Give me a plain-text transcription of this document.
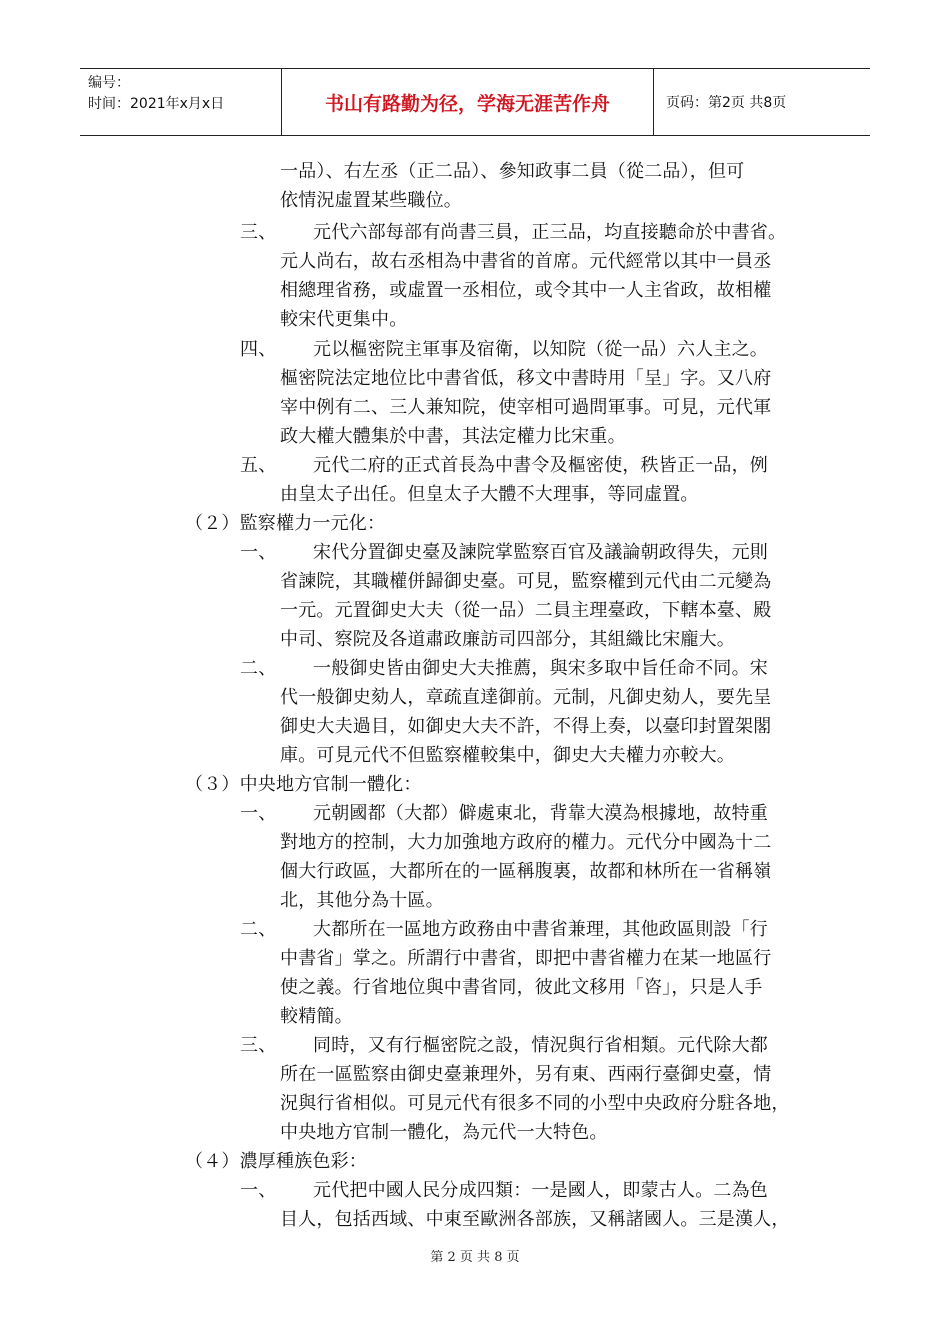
编号：
时间：2021年x月x日	书山有路勤为径，学海无涯苦作舟	页码：第2页 共8页
一品）、右左丞（正二品）、參知政事二員（從二品），但可
依情況虛置某些職位。
三、 元代六部每部有尚書三員，正三品，均直接聽命於中書省。
元人尚右，故右丞相為中書省的首席。元代經常以其中一員丞
相總理省務，或虛置一丞相位，或令其中一人主省政，故相權
較宋代更集中。
四、 元以樞密院主軍事及宿衛，以知院（從一品）六人主之。
樞密院法定地位比中書省低，移文中書時用「呈」字。又八府
宰中例有二、三人兼知院，使宰相可過問軍事。可見，元代軍
政大權大體集於中書，其法定權力比宋重。
五、 元代二府的正式首長為中書令及樞密使，秩皆正一品，例
由皇太子出任。但皇太子大體不大理事，等同虛置。
（２）監察權力一元化：
一、 宋代分置御史臺及諫院掌監察百官及議論朝政得失，元則
省諫院，其職權併歸御史臺。可見，監察權到元代由二元變為
一元。元置御史大夫（從一品）二員主理臺政，下轄本臺、殿
中司、察院及各道肅政廉訪司四部分，其組織比宋龐大。
二、 一般御史皆由御史大夫推薦，與宋多取中旨任命不同。宋
代一般御史劾人，章疏直達御前。元制，凡御史劾人，要先呈
御史大夫過目，如御史大夫不許，不得上奏，以臺印封置架閣
庫。可見元代不但監察權較集中，御史大夫權力亦較大。
（３）中央地方官制一體化：
一、 元朝國都（大都）僻處東北，背靠大漠為根據地，故特重
對地方的控制，大力加強地方政府的權力。元代分中國為十二
個大行政區，大都所在的一區稱腹裏，故都和林所在一省稱嶺
北，其他分為十區。
二、 大都所在一區地方政務由中書省兼理，其他政區則設「行
中書省」掌之。所謂行中書省，即把中書省權力在某一地區行
使之義。行省地位與中書省同，彼此文移用「咨」，只是人手
較精簡。
三、 同時，又有行樞密院之設，情況與行省相類。元代除大都
所在一區監察由御史臺兼理外，另有東、西兩行臺御史臺，情
況與行省相似。可見元代有很多不同的小型中央政府分駐各地，
中央地方官制一體化，為元代一大特色。
（４）濃厚種族色彩：
一、 元代把中國人民分成四類：一是國人，即蒙古人。二為色
目人，包括西域、中東至歐洲各部族，又稱諸國人。三是漢人，
第 2 页 共 8 页
